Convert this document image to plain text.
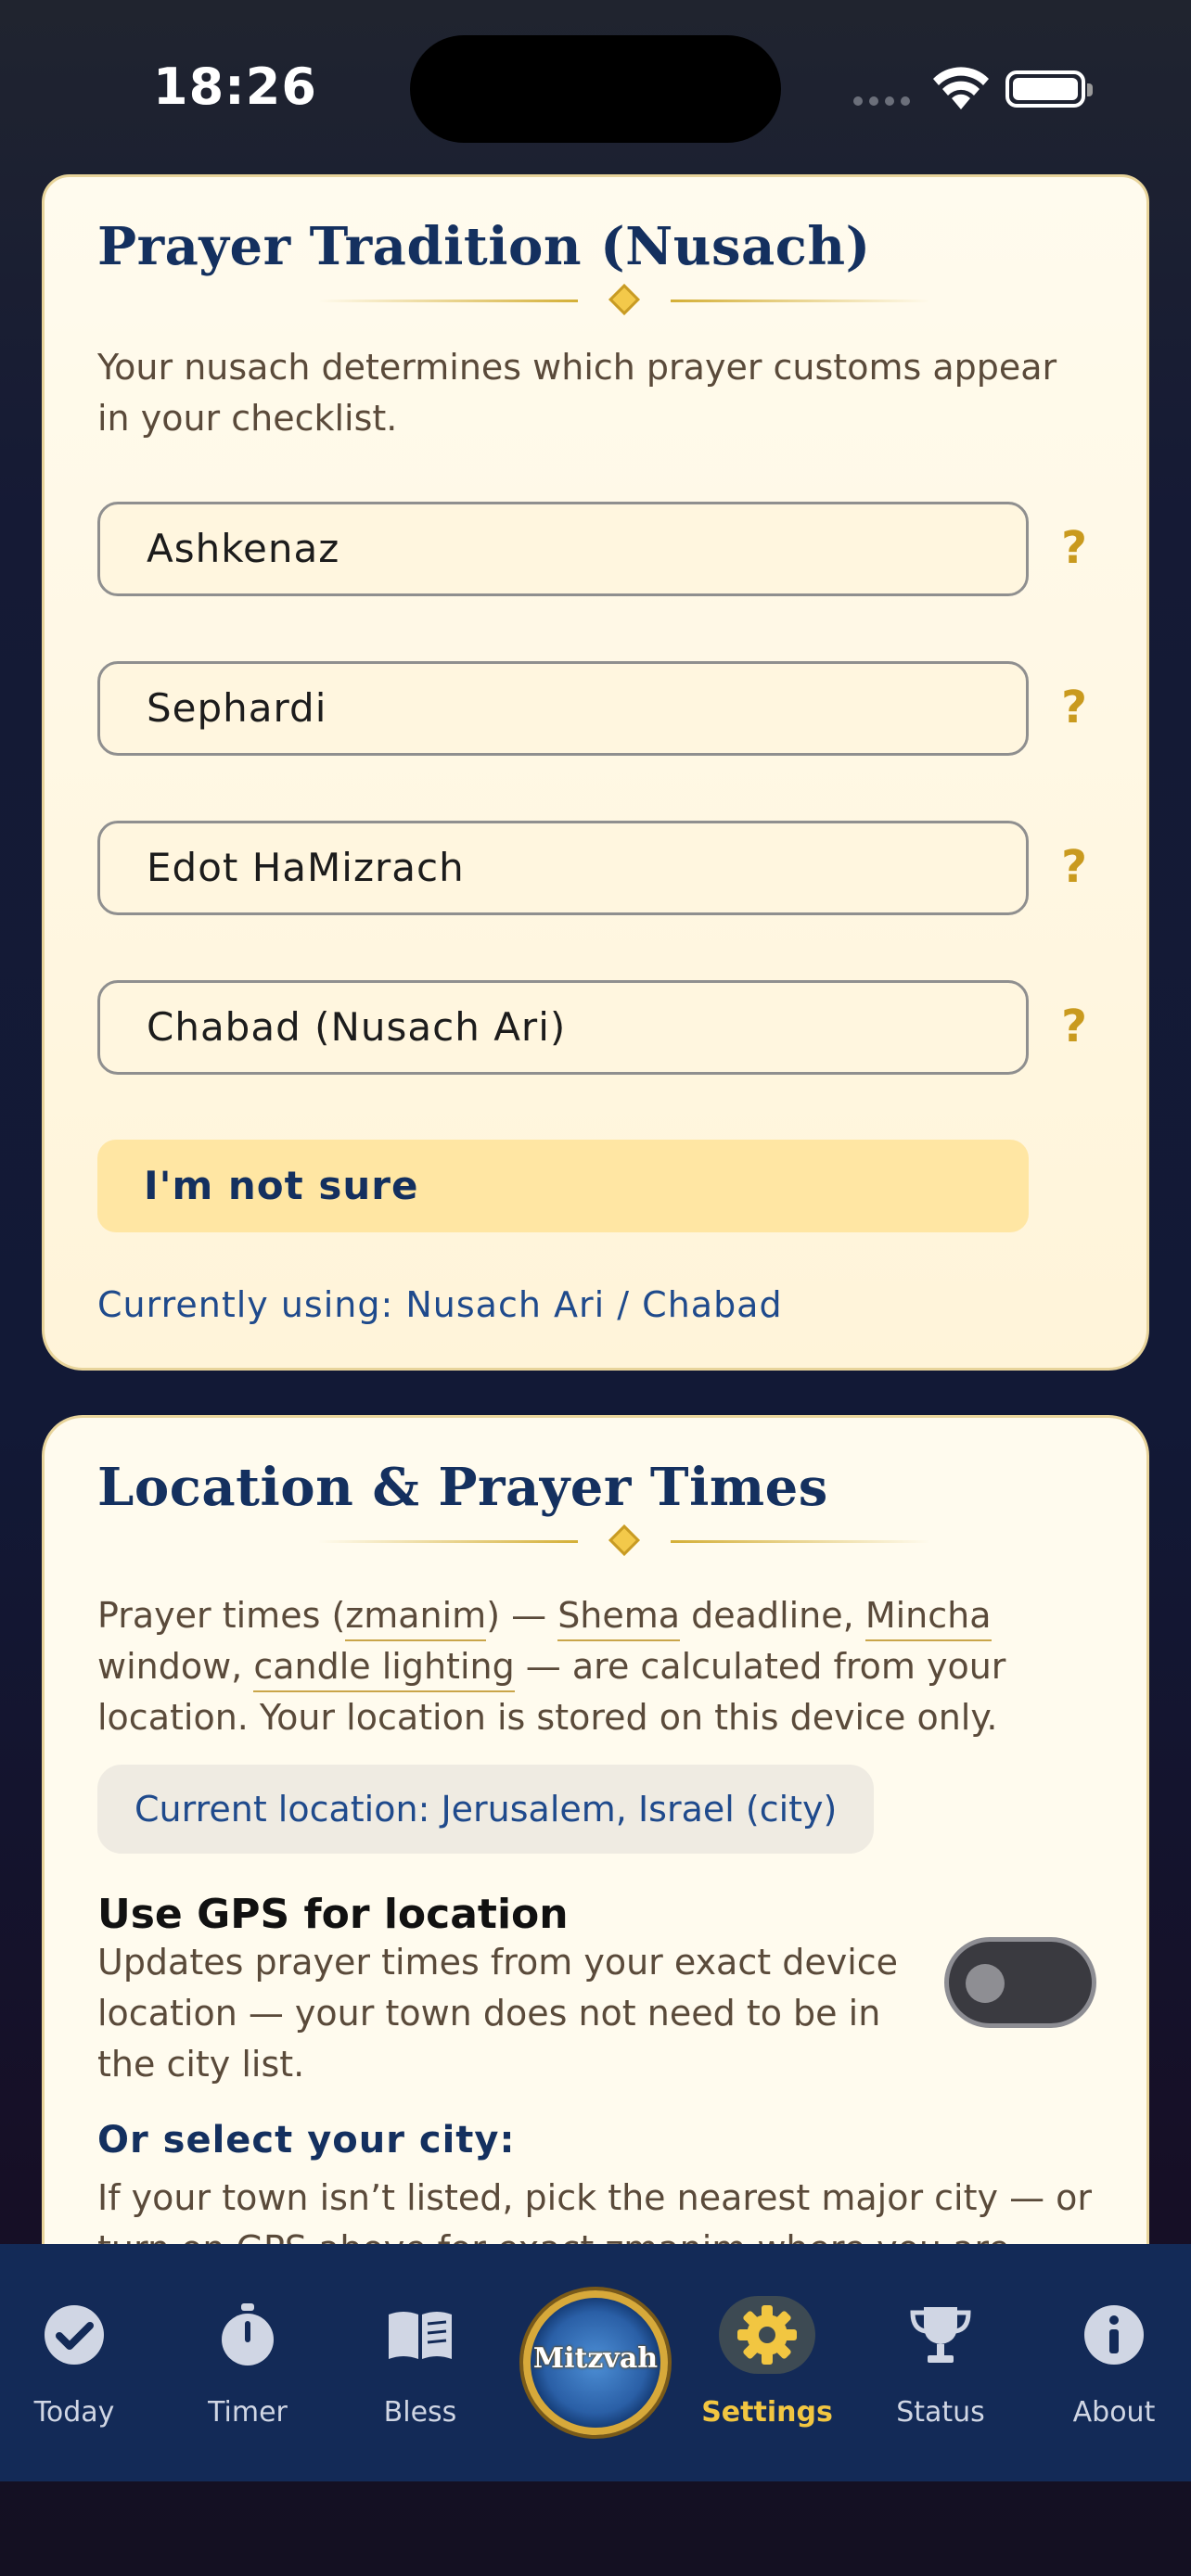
18:26
Prayer Tradition (Nusach)
Your nusach determines which prayer customs appear in your checklist.
Ashkenaz	?
Sephardi	?
Edot HaMizrach	?
Chabad (Nusach Ari)	?
I'm not sure
Currently using: Nusach Ari / Chabad
Location & Prayer Times
Prayer times (zmanim) — Shema deadline, Mincha window, candle lighting — are calculated from your location. Your location is stored on this device only.
Current location: Jerusalem, Israel (city)
Use GPS for location
Updates prayer times from your exact device location — your town does not need to be in the city list.
Or select your city:
If your town isn’t listed, pick the nearest major city — or
Today	Timer	Bless
Mitzvah
Settings	Status	About
